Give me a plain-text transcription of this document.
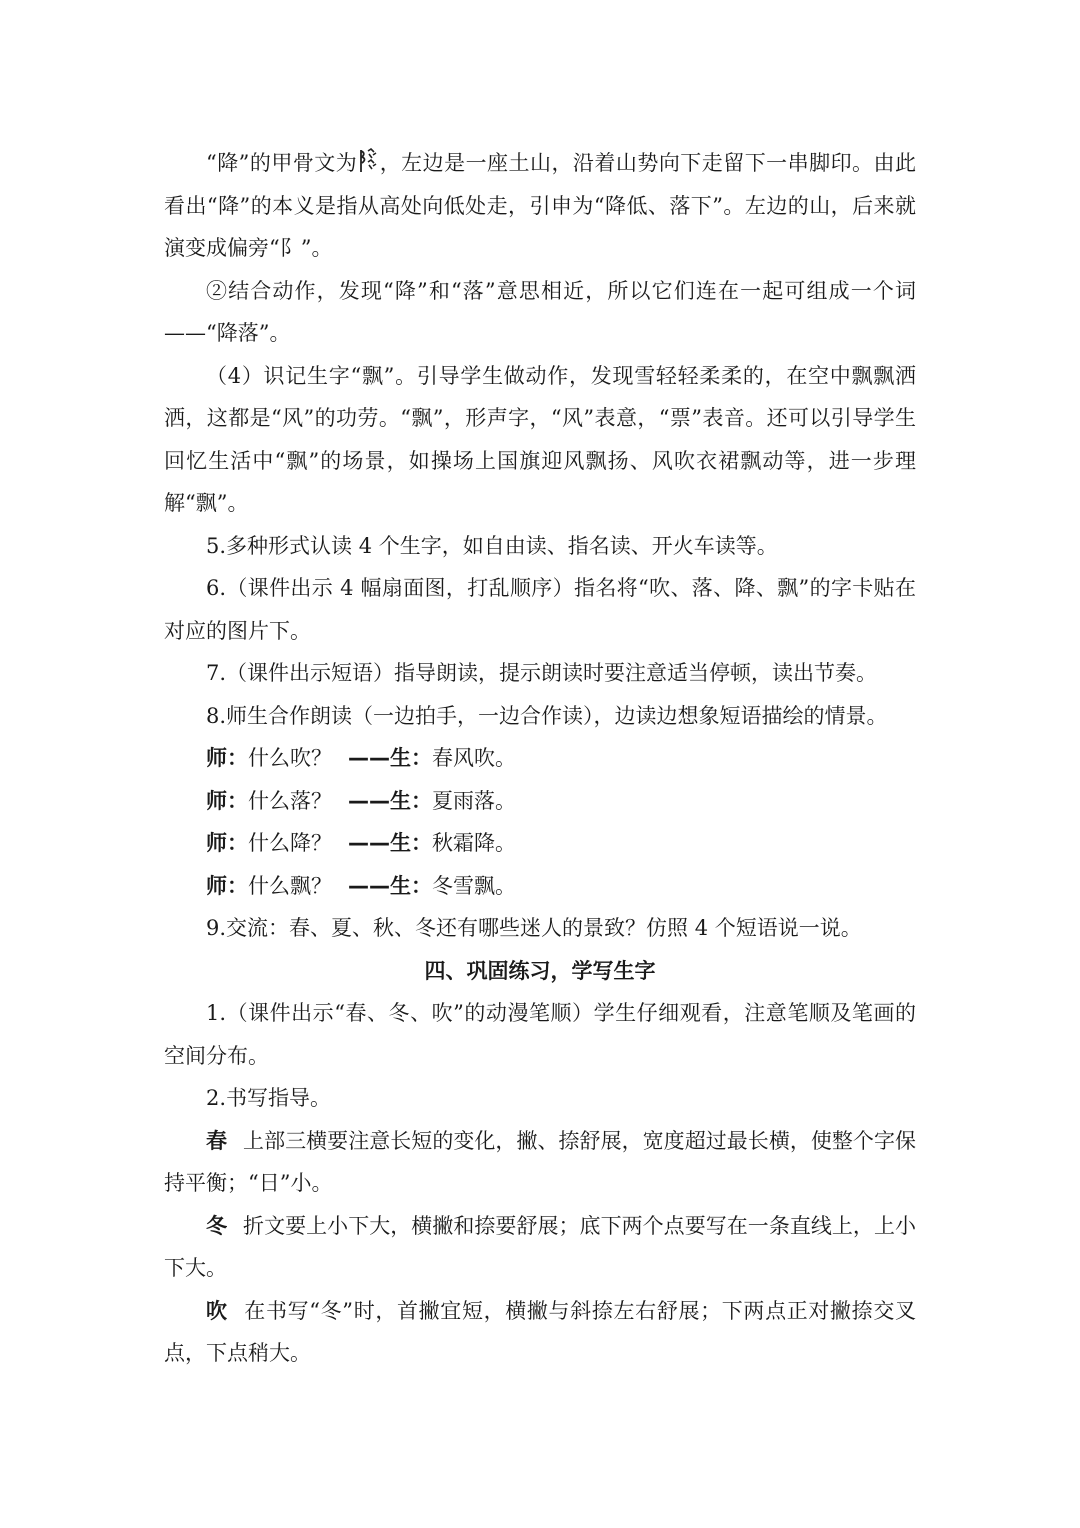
“降”的甲骨文为 ，左边是一座土山，沿着山势向下走留下一串脚印。由此看出“降”的本义是指从高处向低处走，引申为“降低、落下”。左边的山，后来就演变成偏旁“阝”。

②结合动作，发现“降”和“落”意思相近，所以它们连在一起可组成一个词——“降落”。

（4）识记生字“飘”。引导学生做动作，发现雪轻轻柔柔的，在空中飘飘洒洒，这都是“风”的功劳。“飘”，形声字，“风”表意，“票”表音。还可以引导学生回忆生活中“飘”的场景，如操场上国旗迎风飘扬、风吹衣裙飘动等，进一步理解“飘”。

5.多种形式认读 4 个生字，如自由读、指名读、开火车读等。

6.（课件出示 4 幅扇面图，打乱顺序）指名将“吹、落、降、飘”的字卡贴在对应的图片下。

7.（课件出示短语）指导朗读，提示朗读时要注意适当停顿，读出节奏。

8.师生合作朗读（一边拍手，一边合作读），边读边想象短语描绘的情景。

师：什么吹？ ——生：春风吹。

师：什么落？ ——生：夏雨落。

师：什么降？ ——生：秋霜降。

师：什么飘？ ——生：冬雪飘。

9.交流：春、夏、秋、冬还有哪些迷人的景致？仿照 4 个短语说一说。

四、巩固练习，学写生字

1.（课件出示“春、冬、吹”的动漫笔顺）学生仔细观看，注意笔顺及笔画的空间分布。

2.书写指导。

春 上部三横要注意长短的变化，撇、捺舒展，宽度超过最长横，使整个字保持平衡；“日”小。

冬 折文要上小下大，横撇和捺要舒展；底下两个点要写在一条直线上，上小下大。

吹 在书写“冬”时，首撇宜短，横撇与斜捺左右舒展；下两点正对撇捺交叉点，下点稍大。
